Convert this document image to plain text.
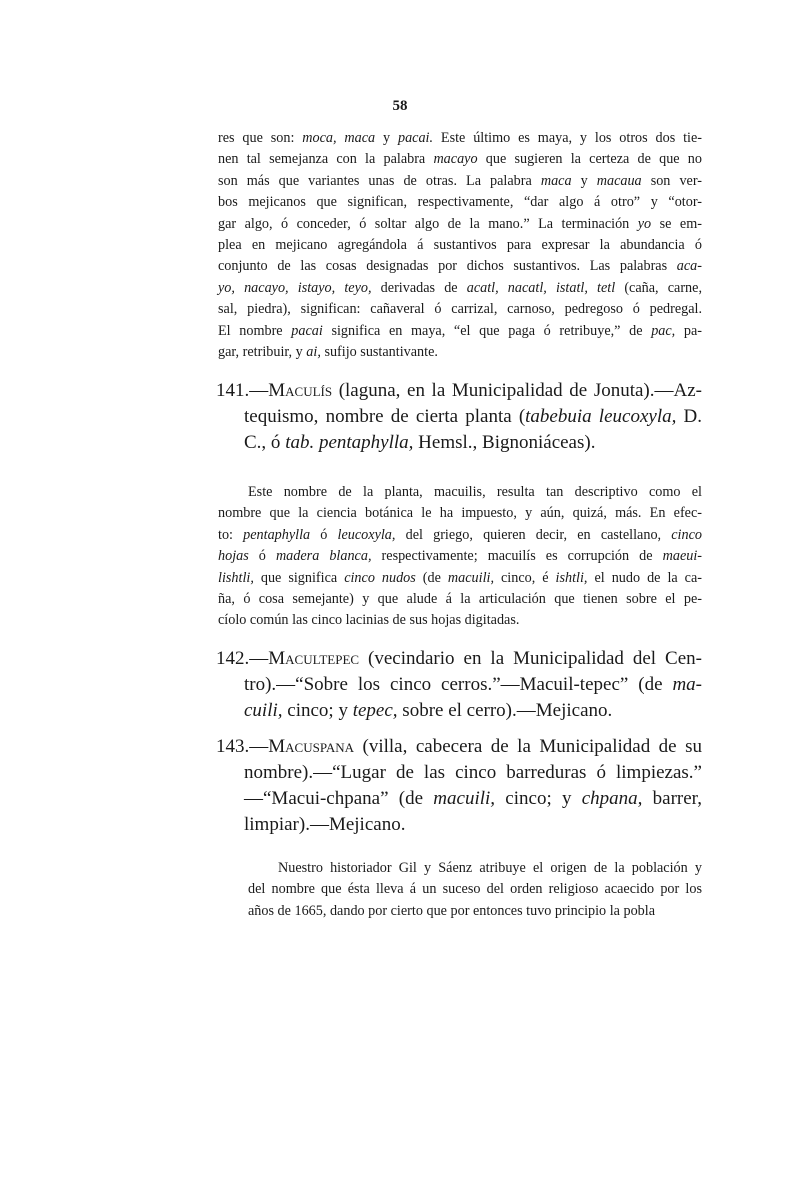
58
res que son: moca, maca y pacai. Este último es maya, y los otros dos tie-
nen tal semejanza con la palabra macayo que sugieren la certeza de que no
son más que variantes unas de otras. La palabra maca y macaua son ver-
bos mejicanos que significan, respectivamente, “dar algo á otro” y “otor-
gar algo, ó conceder, ó soltar algo de la mano.” La terminación yo se em-
plea en mejicano agregándola á sustantivos para expresar la abundancia ó
conjunto de las cosas designadas por dichos sustantivos. Las palabras aca-
yo, nacayo, istayo, teyo, derivadas de acatl, nacatl, istatl, tetl (caña, carne,
sal, piedra), significan: cañaveral ó carrizal, carnoso, pedregoso ó pedregal.
El nombre pacai significa en maya, “el que paga ó retribuye,” de pac, pa-
gar, retribuir, y ai, sufijo sustantivante.
141.—Maculís (laguna, en la Municipalidad de Jonuta).—Az-
tequismo, nombre de cierta planta (tabebuia leucoxyla, D.
C., ó tab. pentaphylla, Hemsl., Bignoniáceas).
Este nombre de la planta, macuilis, resulta tan descriptivo como el
nombre que la ciencia botánica le ha impuesto, y aún, quizá, más. En efec-
to: pentaphylla ó leucoxyla, del griego, quieren decir, en castellano, cinco
hojas ó madera blanca, respectivamente; macuilís es corrupción de maeui-
lishtli, que significa cinco nudos (de macuili, cinco, é ishtli, el nudo de la ca-
ña, ó cosa semejante) y que alude á la articulación que tienen sobre el pe-
cíolo común las cinco lacinias de sus hojas digitadas.
142.—Macultepec (vecindario en la Municipalidad del Cen-
tro).—“Sobre los cinco cerros.”—Macuil-tepec” (de ma-
cuili, cinco; y tepec, sobre el cerro).—Mejicano.
143.—Macuspana (villa, cabecera de la Municipalidad de su
nombre).—“Lugar de las cinco barreduras ó limpiezas.”
—“Macui-chpana” (de macuili, cinco; y chpana, barrer,
limpiar).—Mejicano.
Nuestro historiador Gil y Sáenz atribuye el origen de la población y
del nombre que ésta lleva á un suceso del orden religioso acaecido por los
años de 1665, dando por cierto que por entonces tuvo principio la pobla
